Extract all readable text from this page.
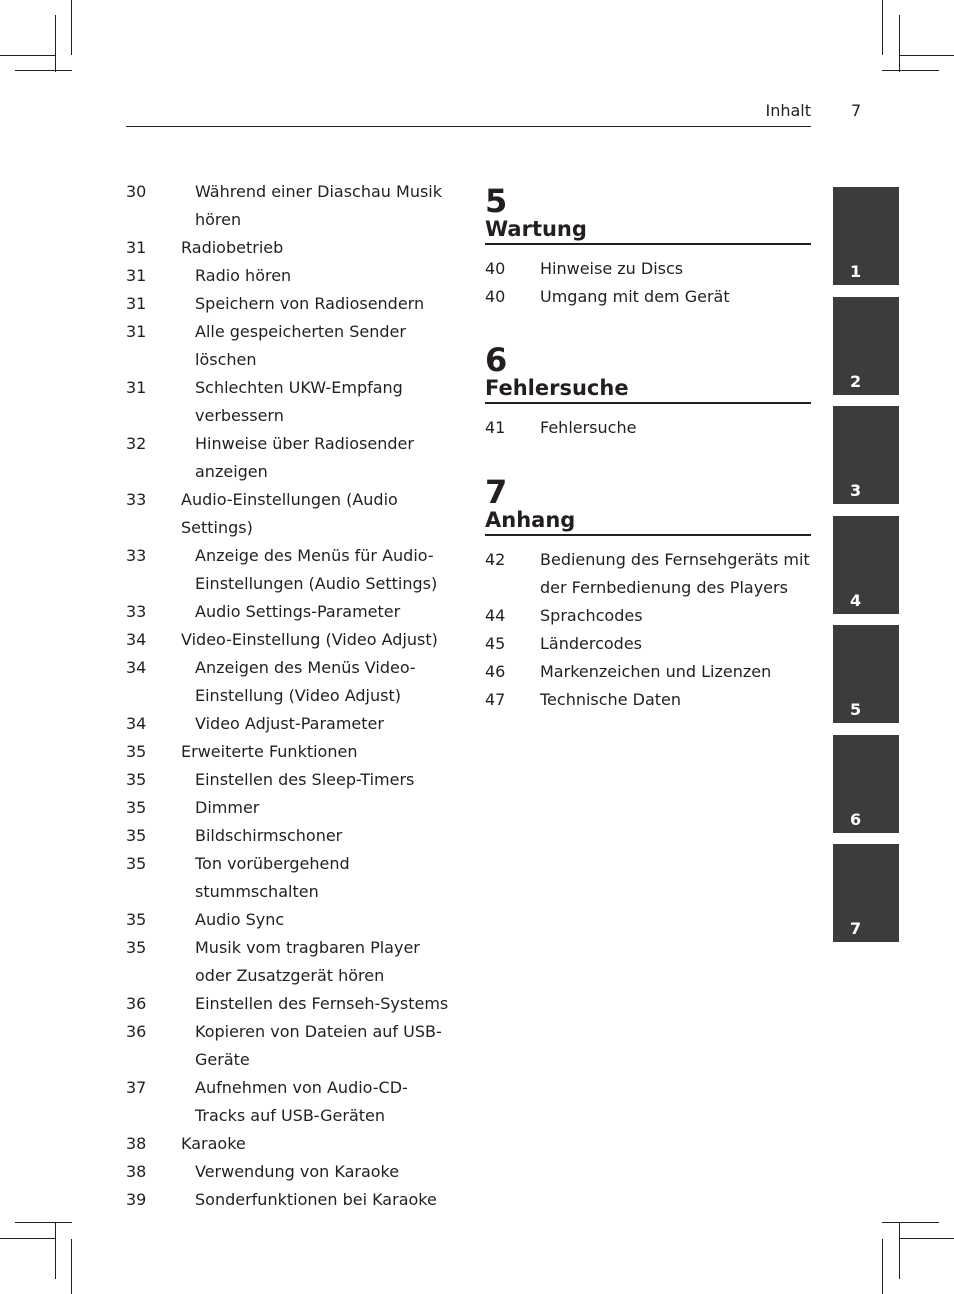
Inhalt	7
30	Während einer Diaschau Musik hören
31	Radiobetrieb
31	Radio hören
31	Speichern von Radiosendern
31	Alle gespeicherten Sender löschen
31	Schlechten UKW-Empfang verbessern
32	Hinweise über Radiosender anzeigen
33	Audio-Einstellungen (Audio Settings)
33	Anzeige des Menüs für Audio-Einstellungen (Audio Settings)
33	Audio Settings-Parameter
34	Video-Einstellung (Video Adjust)
34	Anzeigen des Menüs Video-Einstellung (Video Adjust)
34	Video Adjust-Parameter
35	Erweiterte Funktionen
35	Einstellen des Sleep-Timers
35	Dimmer
35	Bildschirmschoner
35	Ton vorübergehend stummschalten
35	Audio Sync
35	Musik vom tragbaren Player oder Zusatzgerät hören
36	Einstellen des Fernseh-Systems
36	Kopieren von Dateien auf USB-Geräte
37	Aufnehmen von Audio-CD-Tracks auf USB-Geräten
38	Karaoke
38	Verwendung von Karaoke
39	Sonderfunktionen bei Karaoke
5
Wartung
40	Hinweise zu Discs
40	Umgang mit dem Gerät
6
Fehlersuche
41	Fehlersuche
7
Anhang
42	Bedienung des Fernsehgeräts mit der Fernbedienung des Players
44	Sprachcodes
45	Ländercodes
46	Markenzeichen und Lizenzen
47	Technische Daten
1
2
3
4
5
6
7
